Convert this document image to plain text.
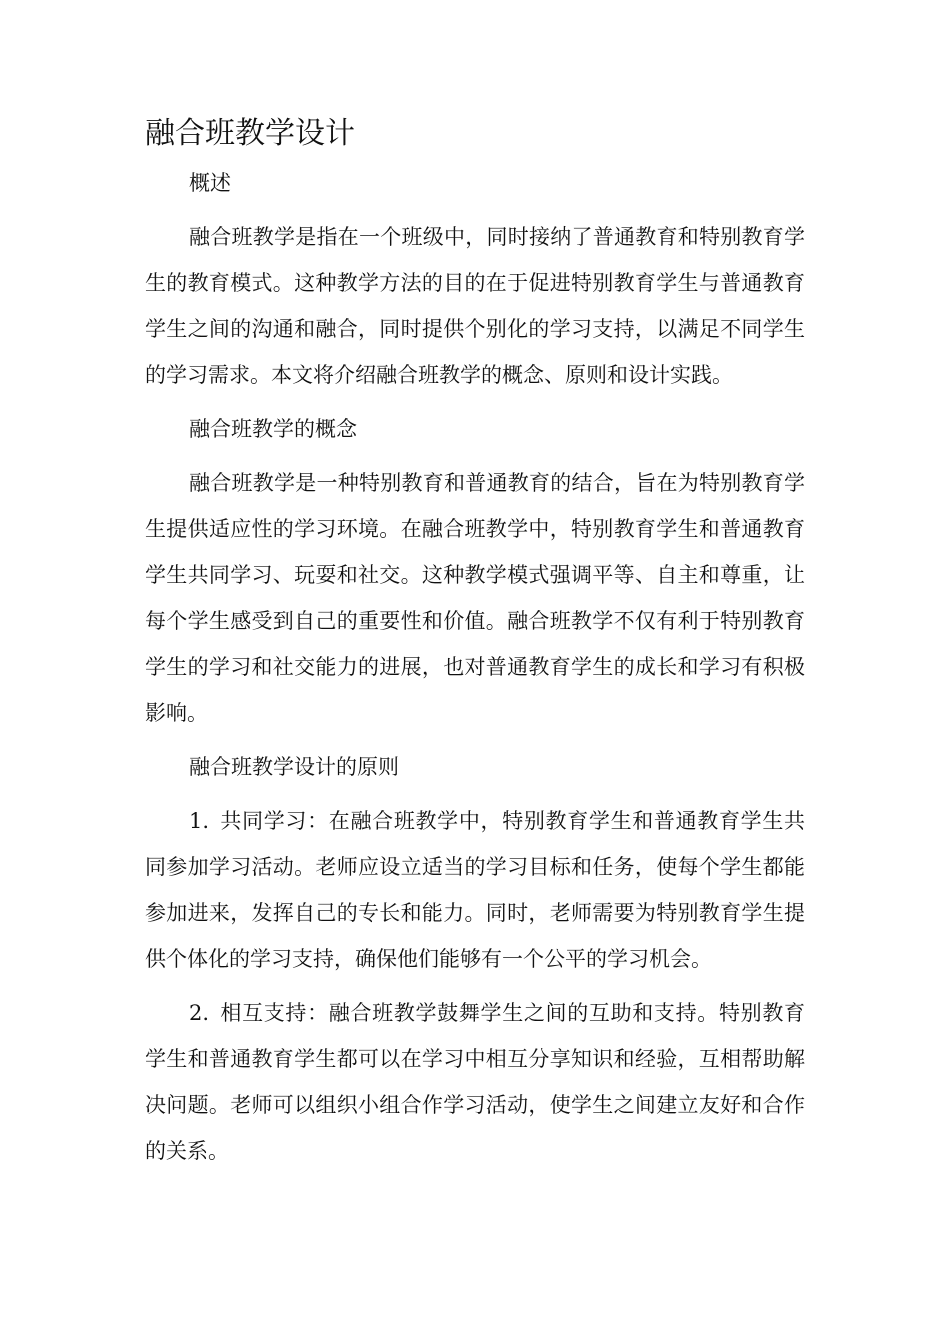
融合班教学设计

概述

融合班教学是指在一个班级中，同时接纳了普通教育和特别教育学生的教育模式。这种教学方法的目的在于促进特别教育学生与普通教育学生之间的沟通和融合，同时提供个别化的学习支持，以满足不同学生的学习需求。本文将介绍融合班教学的概念、原则和设计实践。

融合班教学的概念

融合班教学是一种特别教育和普通教育的结合，旨在为特别教育学生提供适应性的学习环境。在融合班教学中，特别教育学生和普通教育学生共同学习、玩耍和社交。这种教学模式强调平等、自主和尊重，让每个学生感受到自己的重要性和价值。融合班教学不仅有利于特别教育学生的学习和社交能力的进展，也对普通教育学生的成长和学习有积极影响。

融合班教学设计的原则

1. 共同学习：在融合班教学中，特别教育学生和普通教育学生共同参加学习活动。老师应设立适当的学习目标和任务，使每个学生都能参加进来，发挥自己的专长和能力。同时，老师需要为特别教育学生提供个体化的学习支持，确保他们能够有一个公平的学习机会。

2. 相互支持：融合班教学鼓舞学生之间的互助和支持。特别教育学生和普通教育学生都可以在学习中相互分享知识和经验，互相帮助解决问题。老师可以组织小组合作学习活动，使学生之间建立友好和合作的关系。
